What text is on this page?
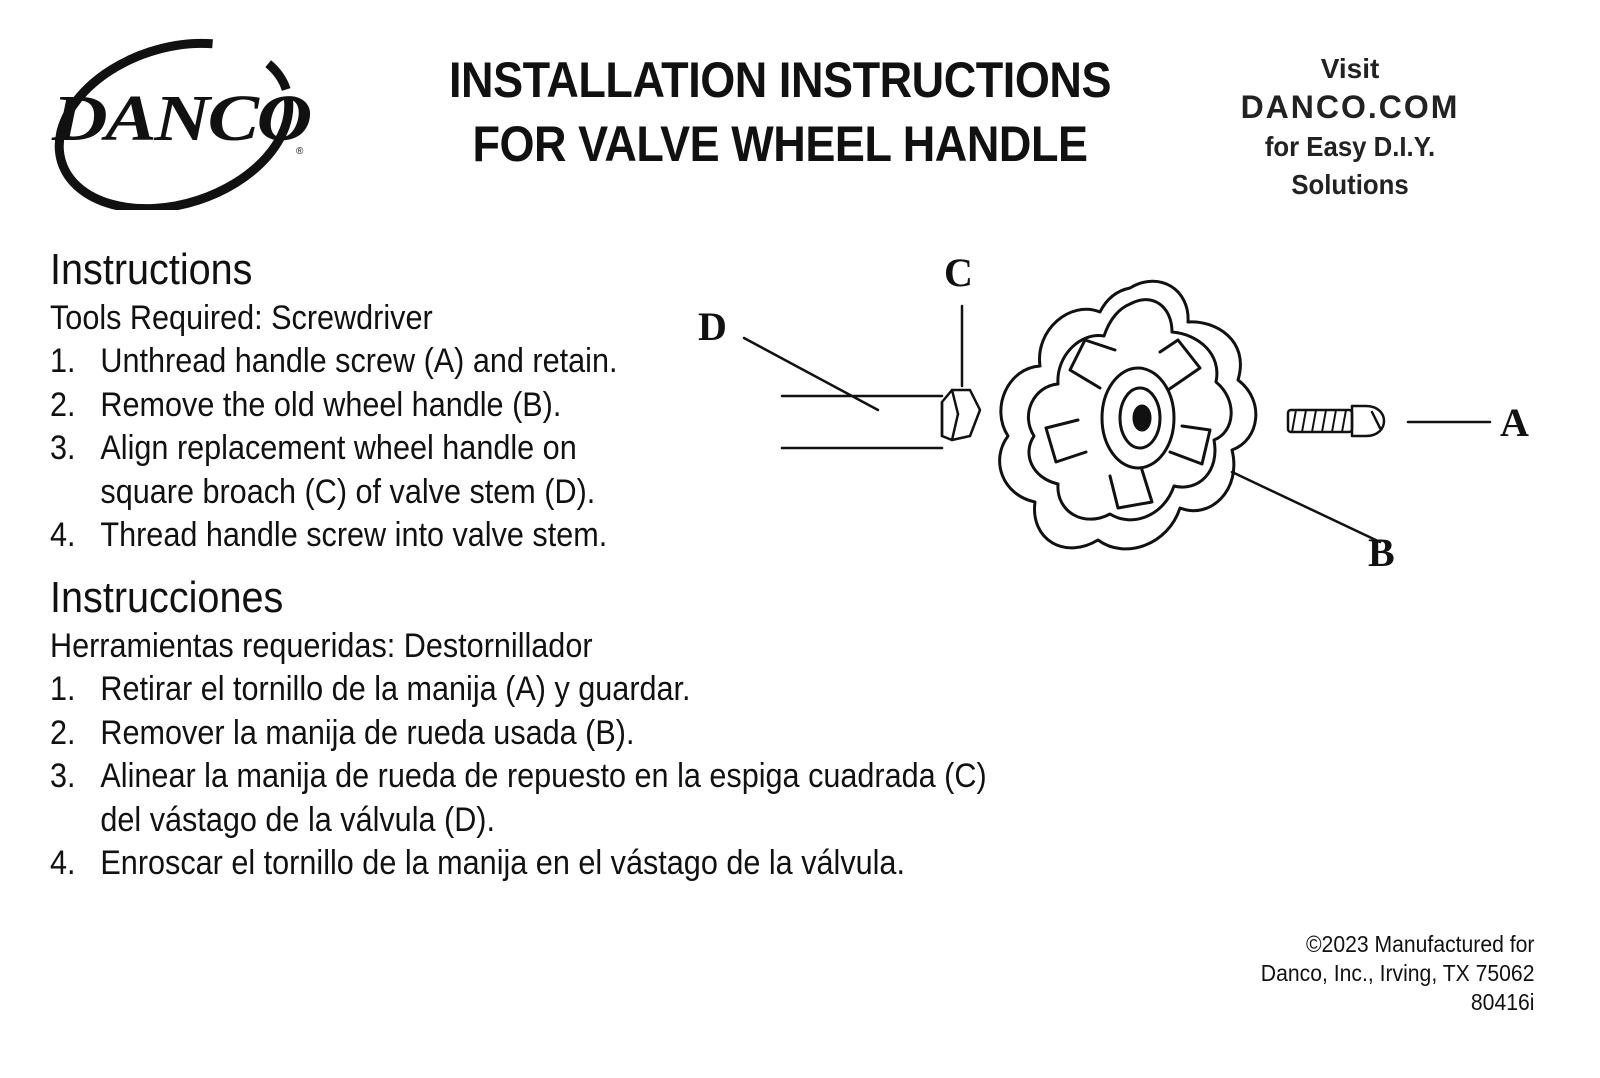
DANCO
®
INSTALLATION INSTRUCTIONS
FOR VALVE WHEEL HANDLE
Visit
DANCO.COM
for Easy D.I.Y. Solutions
Instructions
Tools Required: Screwdriver
1. Unthread handle screw (A) and retain.
2. Remove the old wheel handle (B).
3. Align replacement wheel handle on
square broach (C) of valve stem (D).
4. Thread handle screw into valve stem.
Instrucciones
Herramientas requeridas: Destornillador
1. Retirar el tornillo de la manija (A) y guardar.
2. Remover la manija de rueda usada (B).
3. Alinear la manija de rueda de repuesto en la espiga cuadrada (C)
del vástago de la válvula (D).
4. Enroscar el tornillo de la manija en el vástago de la válvula.
D
C
B
A
©2023 Manufactured for
Danco, Inc., Irving, TX 75062
80416i
